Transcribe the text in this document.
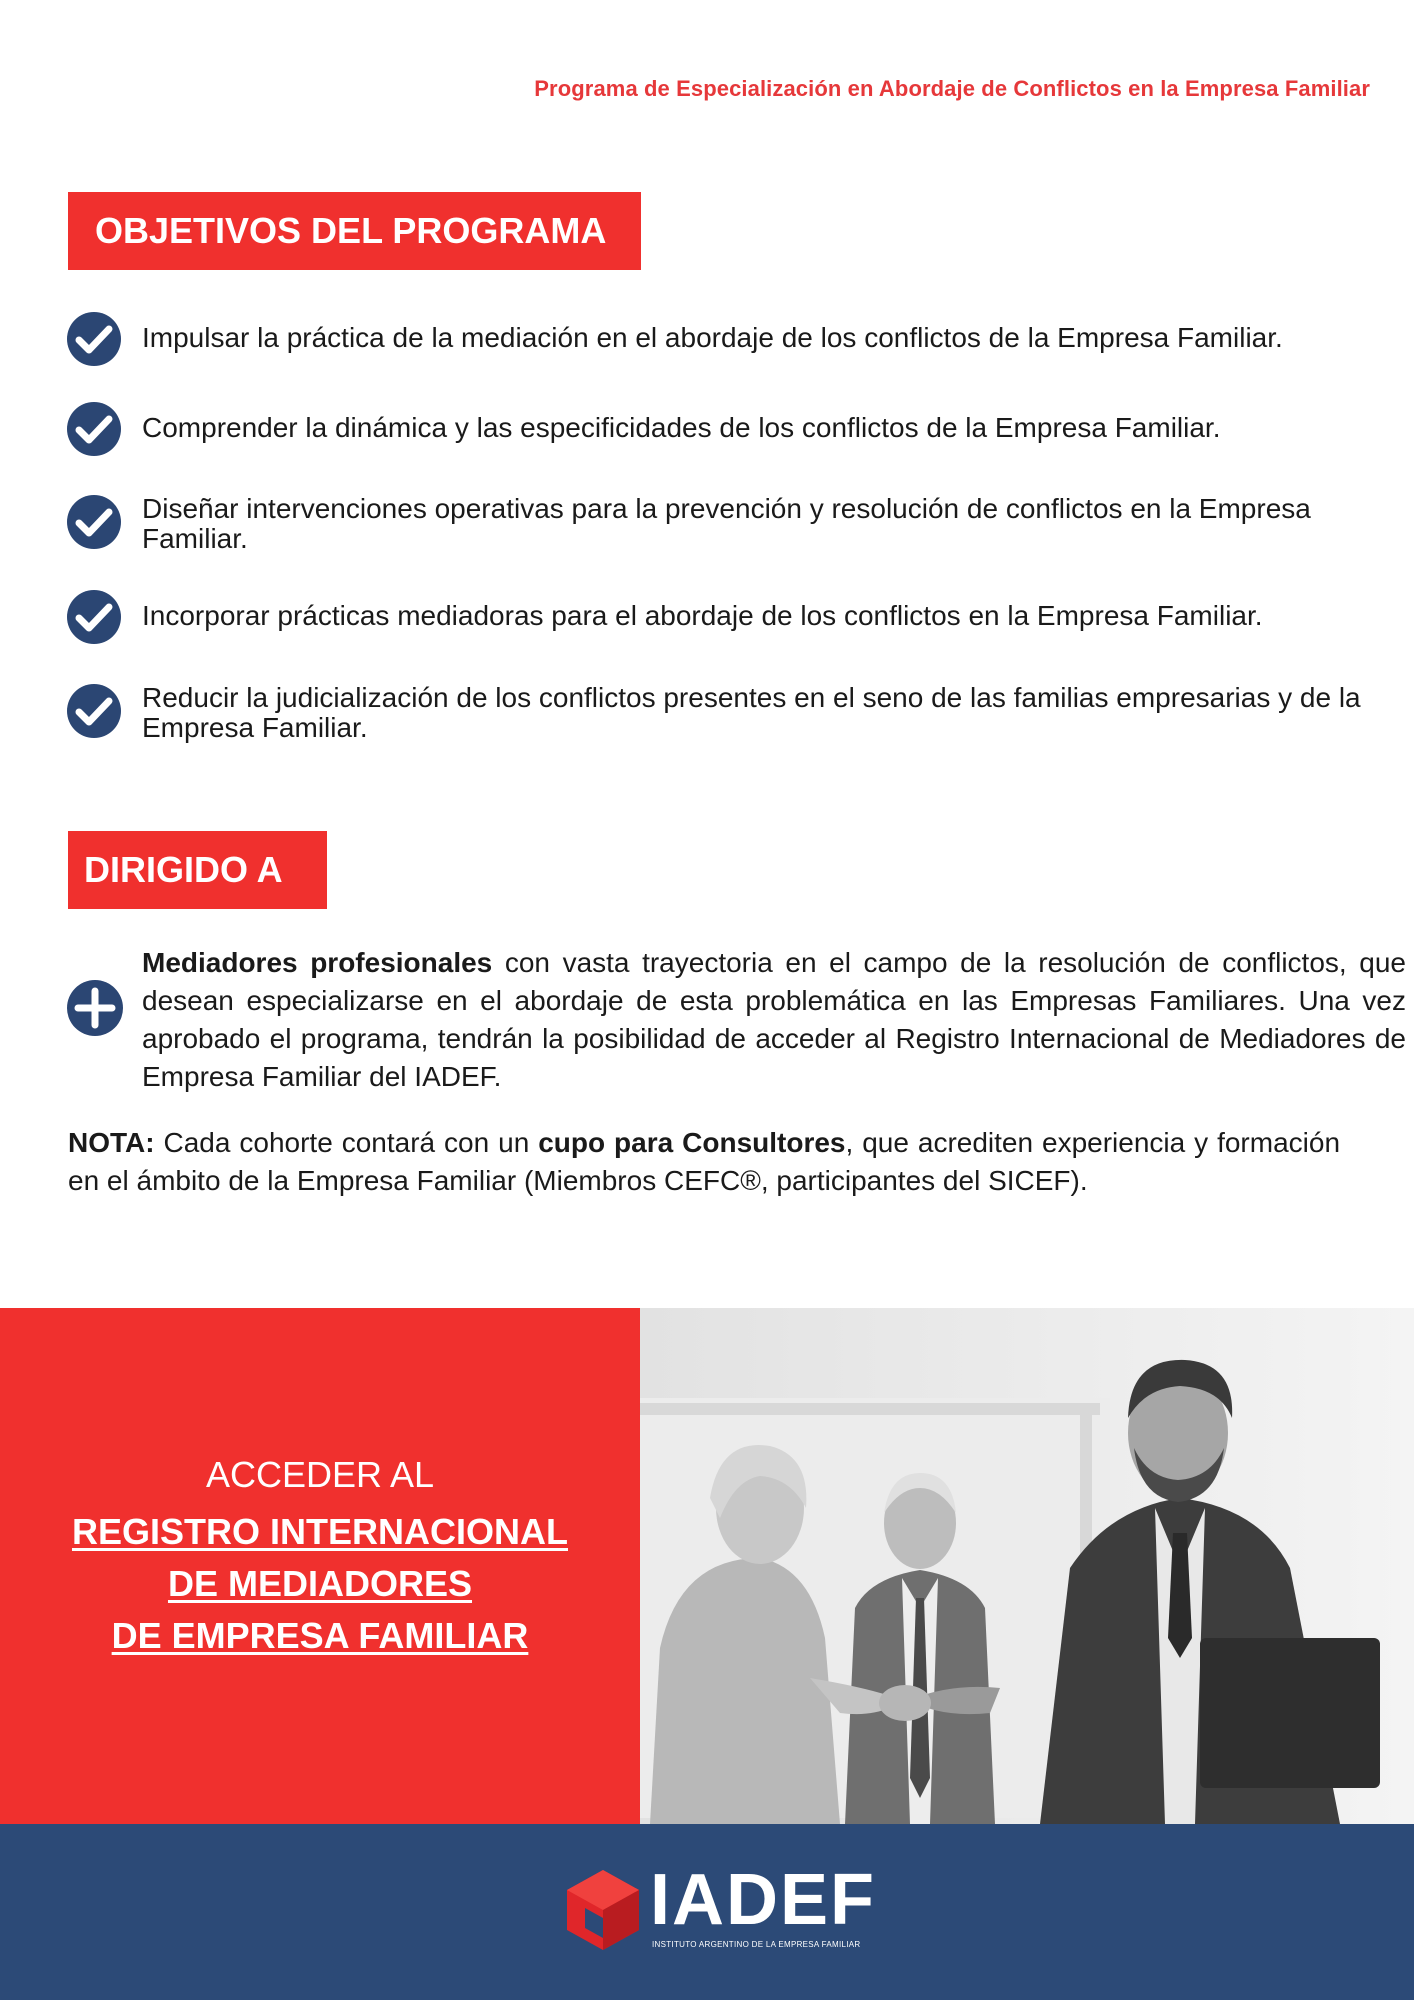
Programa de Especialización en Abordaje de Conflictos en la Empresa Familiar
OBJETIVOS DEL PROGRAMA
Impulsar la práctica de la mediación en el abordaje de los conflictos de la Empresa Familiar.
Comprender la dinámica y las especificidades de los conflictos de la Empresa Familiar.
Diseñar intervenciones operativas para la prevención y resolución de conflictos en la Empresa Familiar.
Incorporar prácticas mediadoras para el abordaje de los conflictos en la Empresa Familiar.
Reducir la judicialización de los conflictos presentes en el seno de las familias empresarias y de la Empresa Familiar.
DIRIGIDO A
Mediadores profesionales con vasta trayectoria en el campo de la resolución de conflictos, que desean especializarse en el abordaje de esta problemática en las Empresas Familiares. Una vez aprobado el programa, tendrán la posibilidad de acceder al Registro Internacional de Mediadores de Empresa Familiar del IADEF.
NOTA: Cada cohorte contará con un cupo para Consultores, que acrediten experiencia y formación en el ámbito de la Empresa Familiar (Miembros CEFC®, participantes del SICEF).
ACCEDER AL
REGISTRO INTERNACIONAL
DE MEDIADORES
DE EMPRESA FAMILIAR
IADEF
INSTITUTO ARGENTINO DE LA EMPRESA FAMILIAR
